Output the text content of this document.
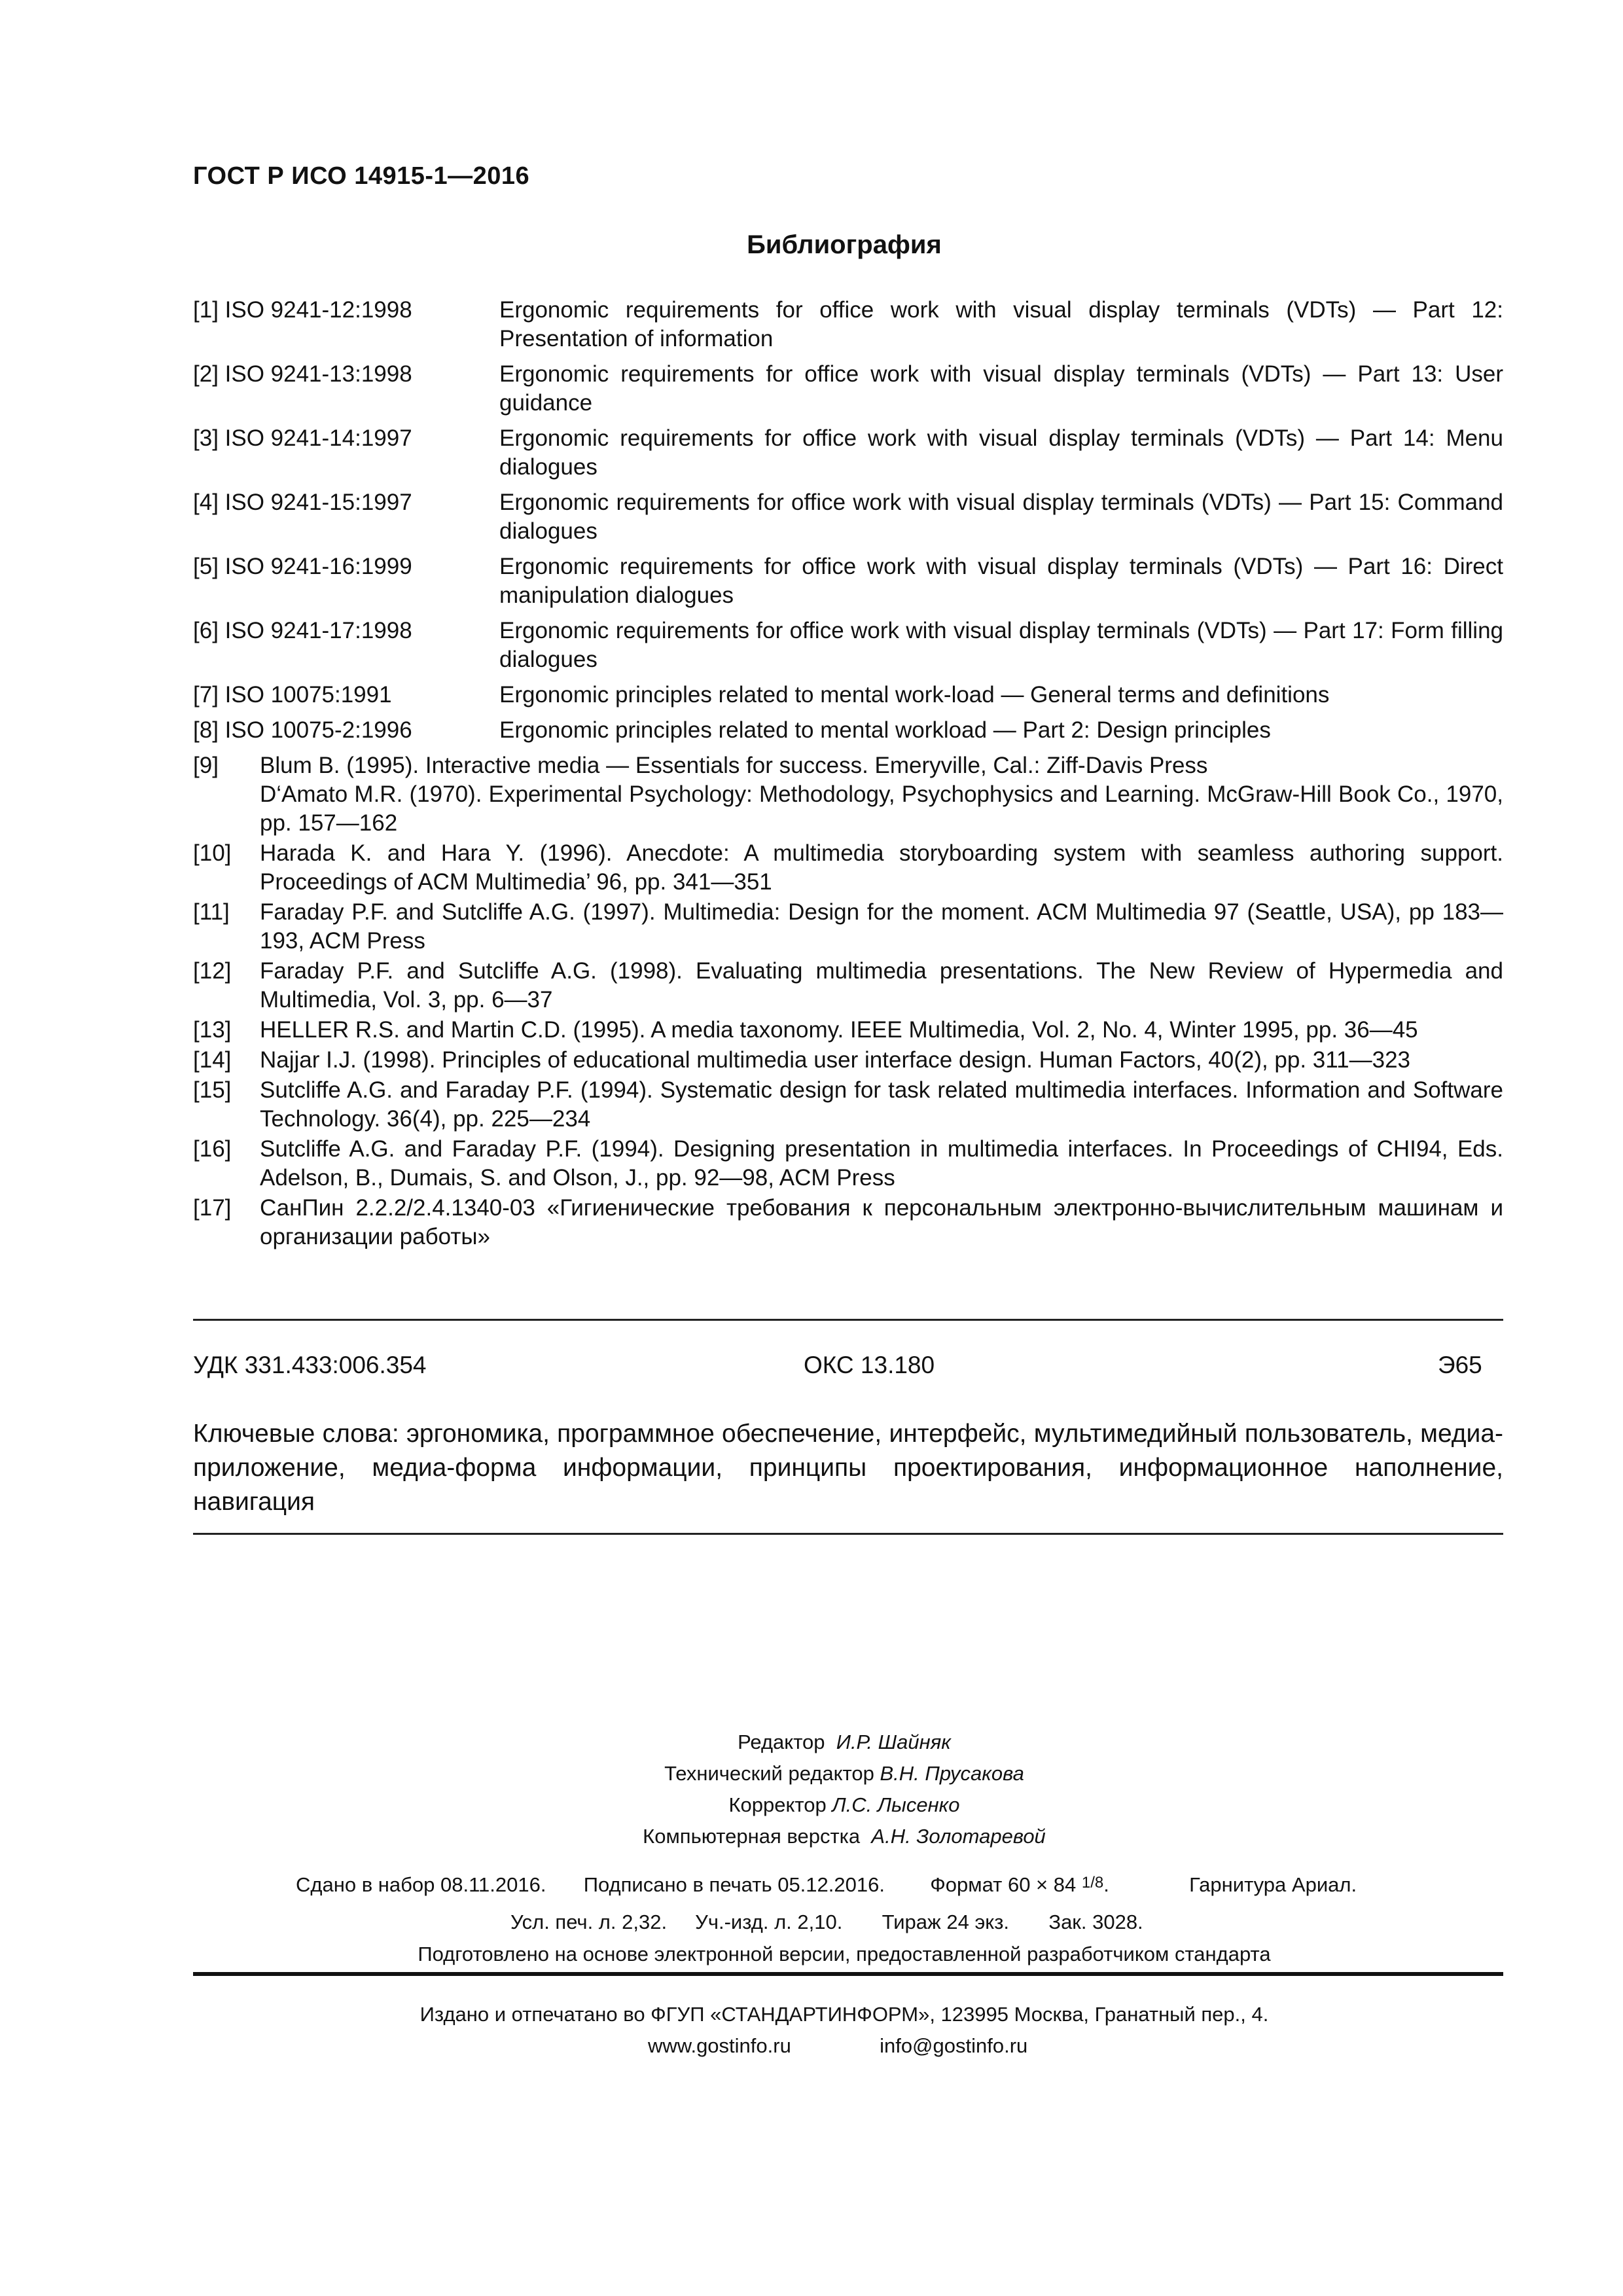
ГОСТ Р ИСО 14915-1—2016
Библиография
[1] ISO 9241-12:1998	Ergonomic requirements for office work with visual display terminals (VDTs) — Part 12: Presentation of information
[2] ISO 9241-13:1998	Ergonomic requirements for office work with visual display terminals (VDTs) — Part 13: User guidance
[3] ISO 9241-14:1997	Ergonomic requirements for office work with visual display terminals (VDTs) — Part 14: Menu dialogues
[4] ISO 9241-15:1997	Ergonomic requirements for office work with visual display terminals (VDTs) — Part 15: Command dialogues
[5] ISO 9241-16:1999	Ergonomic requirements for office work with visual display terminals (VDTs) — Part 16: Direct manipulation dialogues
[6] ISO 9241-17:1998	Ergonomic requirements for office work with visual display terminals (VDTs) — Part 17: Form filling dialogues
[7] ISO 10075:1991	Ergonomic principles related to mental work-load — General terms and definitions
[8] ISO 10075-2:1996	Ergonomic principles related to mental workload — Part 2: Design principles
[9]	Blum B. (1995). Interactive media — Essentials for success. Emeryville, Cal.: Ziff-Davis Press

D‘Amato M.R. (1970). Experimental Psychology: Methodology, Psychophysics and Learning. McGraw-Hill Book Co., 1970, pp. 157—162

[10]	Harada K. and Hara Y. (1996). Anecdote: A multimedia storyboarding system with seamless authoring support. Proceedings of ACM Multimedia’ 96, pp. 341—351

[11]	Faraday P.F. and Sutcliffe A.G. (1997). Multimedia: Design for the moment. ACM Multimedia 97 (Seattle, USA), pp 183—193, ACM Press

[12]	Faraday P.F. and Sutcliffe A.G. (1998). Evaluating multimedia presentations. The New Review of Hypermedia and Multimedia, Vol. 3, pp. 6—37

[13]	HELLER R.S. and Martin C.D. (1995). A media taxonomy. IEEE Multimedia, Vol. 2, No. 4, Winter 1995, pp. 36—45

[14]	Najjar I.J. (1998). Principles of educational multimedia user interface design. Human Factors, 40(2), pp. 311—323

[15]	Sutcliffe A.G. and Faraday P.F. (1994). Systematic design for task related multimedia interfaces. Information and Software Technology. 36(4), pp. 225—234

[16]	Sutcliffe A.G. and Faraday P.F. (1994). Designing presentation in multimedia interfaces. In Proceedings of CHI94, Eds. Adelson, B., Dumais, S. and Olson, J., pp. 92—98, ACM Press

[17]	СанПин 2.2.2/2.4.1340-03 «Гигиенические требования к персональным электронно-вычислительным машинам и организации работы»

УДК 331.433:006.354	ОКС 13.180	Э65
Ключевые слова: эргономика, программное обеспечение, интерфейс, мультимедийный пользователь, медиа-приложение, медиа-форма информации, принципы проектирования, информационное наполнение, навигация
Редактор И.Р. Шайняк
Технический редактор В.Н. Прусакова
Корректор Л.С. Лысенко
Компьютерная верстка А.Н. Золотаревой
Сдано в набор 08.11.2016. Подписано в печать 05.12.2016. Формат 60 × 84 1/8.	Гарнитура Ариал.
Усл. печ. л. 2,32. Уч.-изд. л. 2,10. Тираж 24 экз. Зак. 3028.
Подготовлено на основе электронной версии, предоставленной разработчиком стандарта
Издано и отпечатано во ФГУП «СТАНДАРТИНФОРМ», 123995 Москва, Гранатный пер., 4.
www.gostinfo.ru	info@gostinfo.ru
